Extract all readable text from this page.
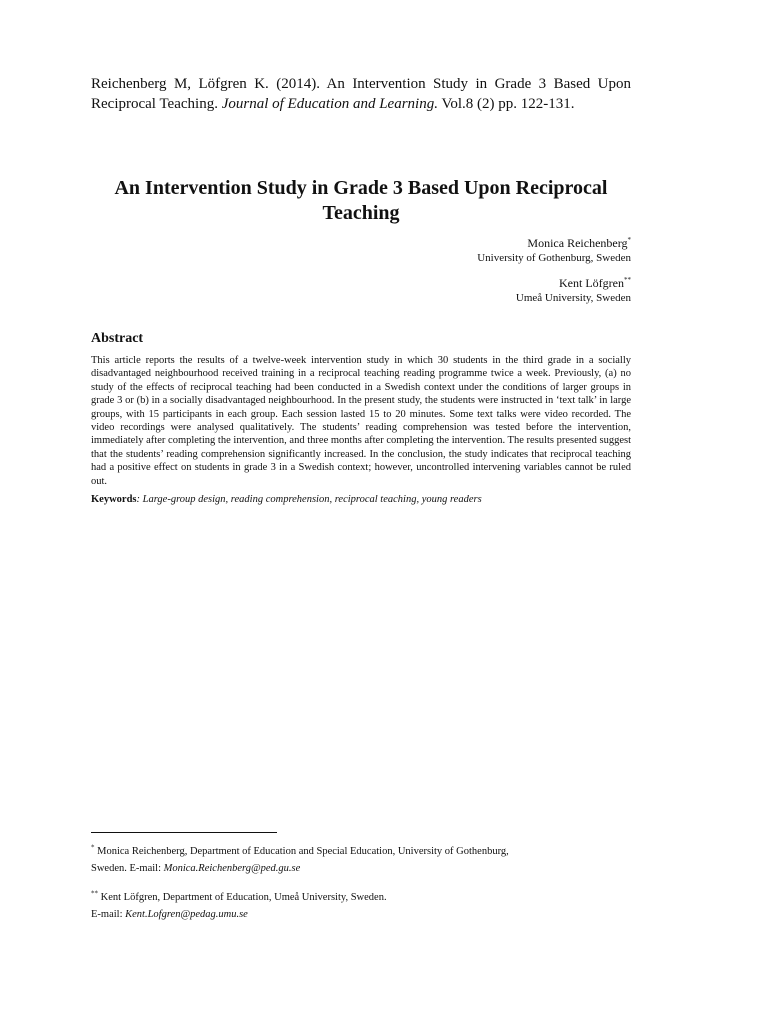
Reichenberg M, Löfgren K. (2014). An Intervention Study in Grade 3 Based Upon Reciprocal Teaching. Journal of Education and Learning. Vol.8 (2) pp. 122-131.
An Intervention Study in Grade 3 Based Upon Reciprocal Teaching
Monica Reichenberg*
University of Gothenburg, Sweden
Kent Löfgren**
Umeå University, Sweden
Abstract
This article reports the results of a twelve-week intervention study in which 30 students in the third grade in a socially disadvantaged neighbourhood received training in a reciprocal teaching reading programme twice a week. Previously, (a) no study of the effects of reciprocal teaching had been conducted in a Swedish context under the conditions of larger groups in grade 3 or (b) in a socially disadvantaged neighbourhood. In the present study, the students were instructed in ‘text talk’ in large groups, with 15 participants in each group. Each session lasted 15 to 20 minutes. Some text talks were video recorded. The video recordings were analysed qualitatively. The students’ reading comprehension was tested before the intervention, immediately after completing the intervention, and three months after completing the intervention. The results presented suggest that the students’ reading comprehension significantly increased. In the conclusion, the study indicates that reciprocal teaching had a positive effect on students in grade 3 in a Swedish context; however, uncontrolled intervening variables cannot be ruled out.
Keywords: Large-group design, reading comprehension, reciprocal teaching, young readers
* Monica Reichenberg, Department of Education and Special Education, University of Gothenburg,
Sweden. E-mail: Monica.Reichenberg@ped.gu.se
** Kent Löfgren, Department of Education, Umeå University, Sweden.
E-mail: Kent.Lofgren@pedag.umu.se
